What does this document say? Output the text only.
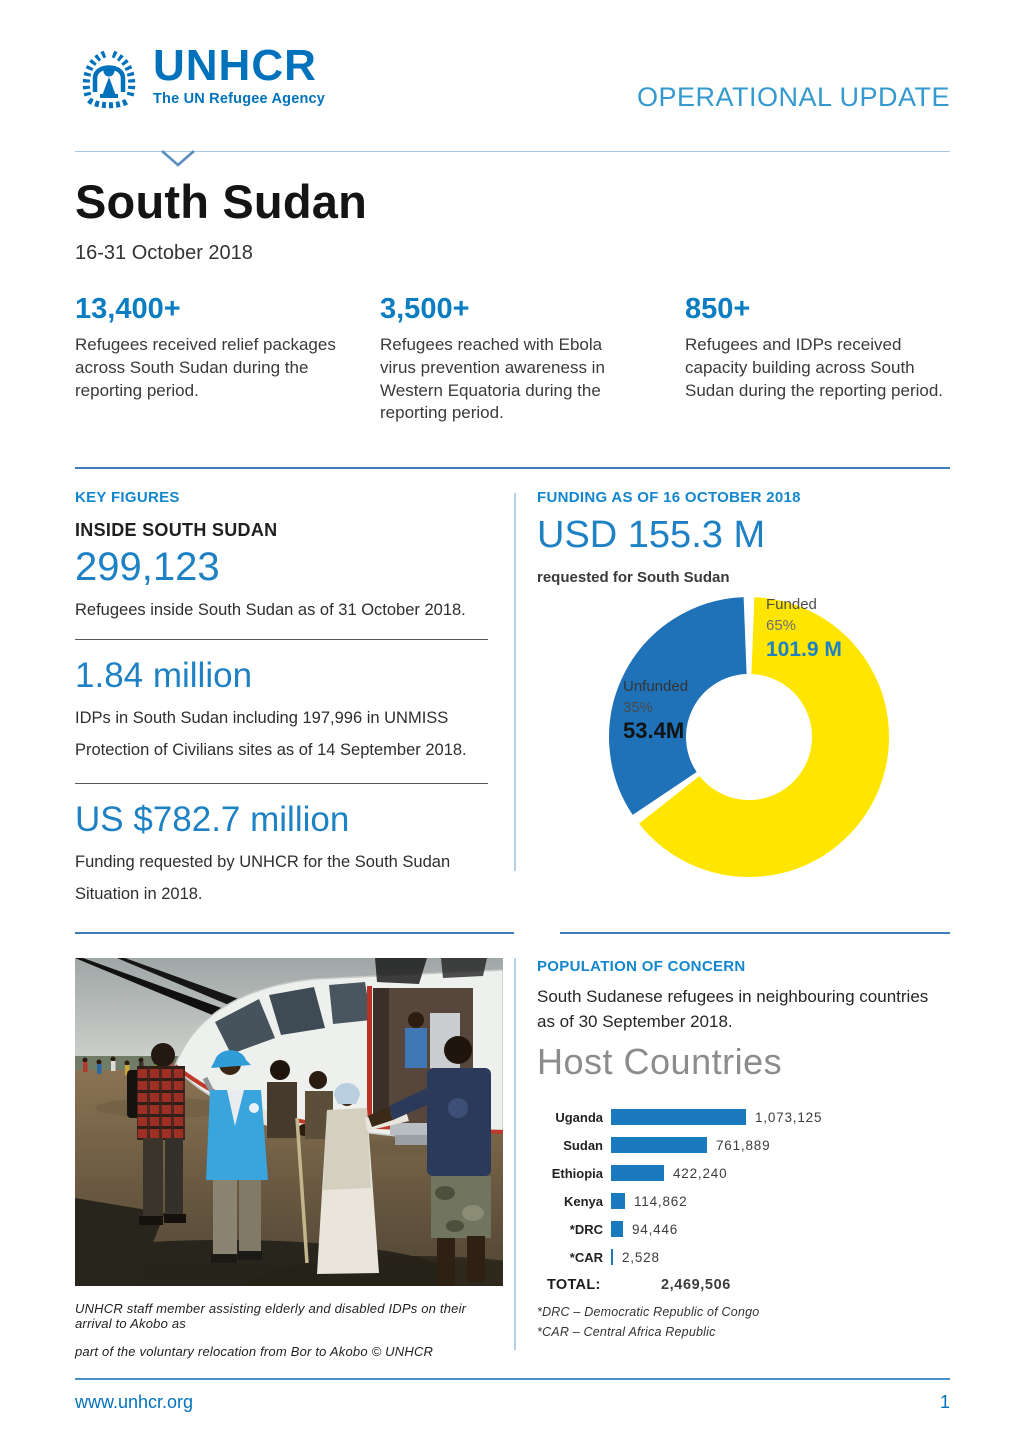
UNHCR
The UN Refugee Agency	OPERATIONAL UPDATE
South Sudan
16-31 October 2018
13,400+
Refugees received relief packages across South Sudan during the reporting period.
3,500+
Refugees reached with Ebola virus prevention awareness in Western Equatoria during the reporting period.
850+
Refugees and IDPs received capacity building across South Sudan during the reporting period.
KEY FIGURES
INSIDE SOUTH SUDAN
299,123
Refugees inside South Sudan as of 31 October 2018.
1.84 million
IDPs in South Sudan including 197,996 in UNMISS Protection of Civilians sites as of 14 September 2018.
US $782.7 million
Funding requested by UNHCR for the South Sudan Situation in 2018.
FUNDING AS OF 16 OCTOBER 2018
USD 155.3 M
requested for South Sudan
Funded
65%
101.9 M
Unfunded
35%
53.4M
UNHCR staff member assisting elderly and disabled IDPs on their arrival to Akobo as
part of the voluntary relocation from Bor to Akobo © UNHCR
POPULATION OF CONCERN
South Sudanese refugees in neighbouring countries as of 30 September 2018.
Host Countries
Uganda	1,073,125
Sudan	761,889
Ethiopia	422,240
Kenya 114,862
*DRC 94,446
*CAR 2,528
TOTAL:	2,469,506
*DRC – Democratic Republic of Congo
*CAR – Central Africa Republic
www.unhcr.org	1
